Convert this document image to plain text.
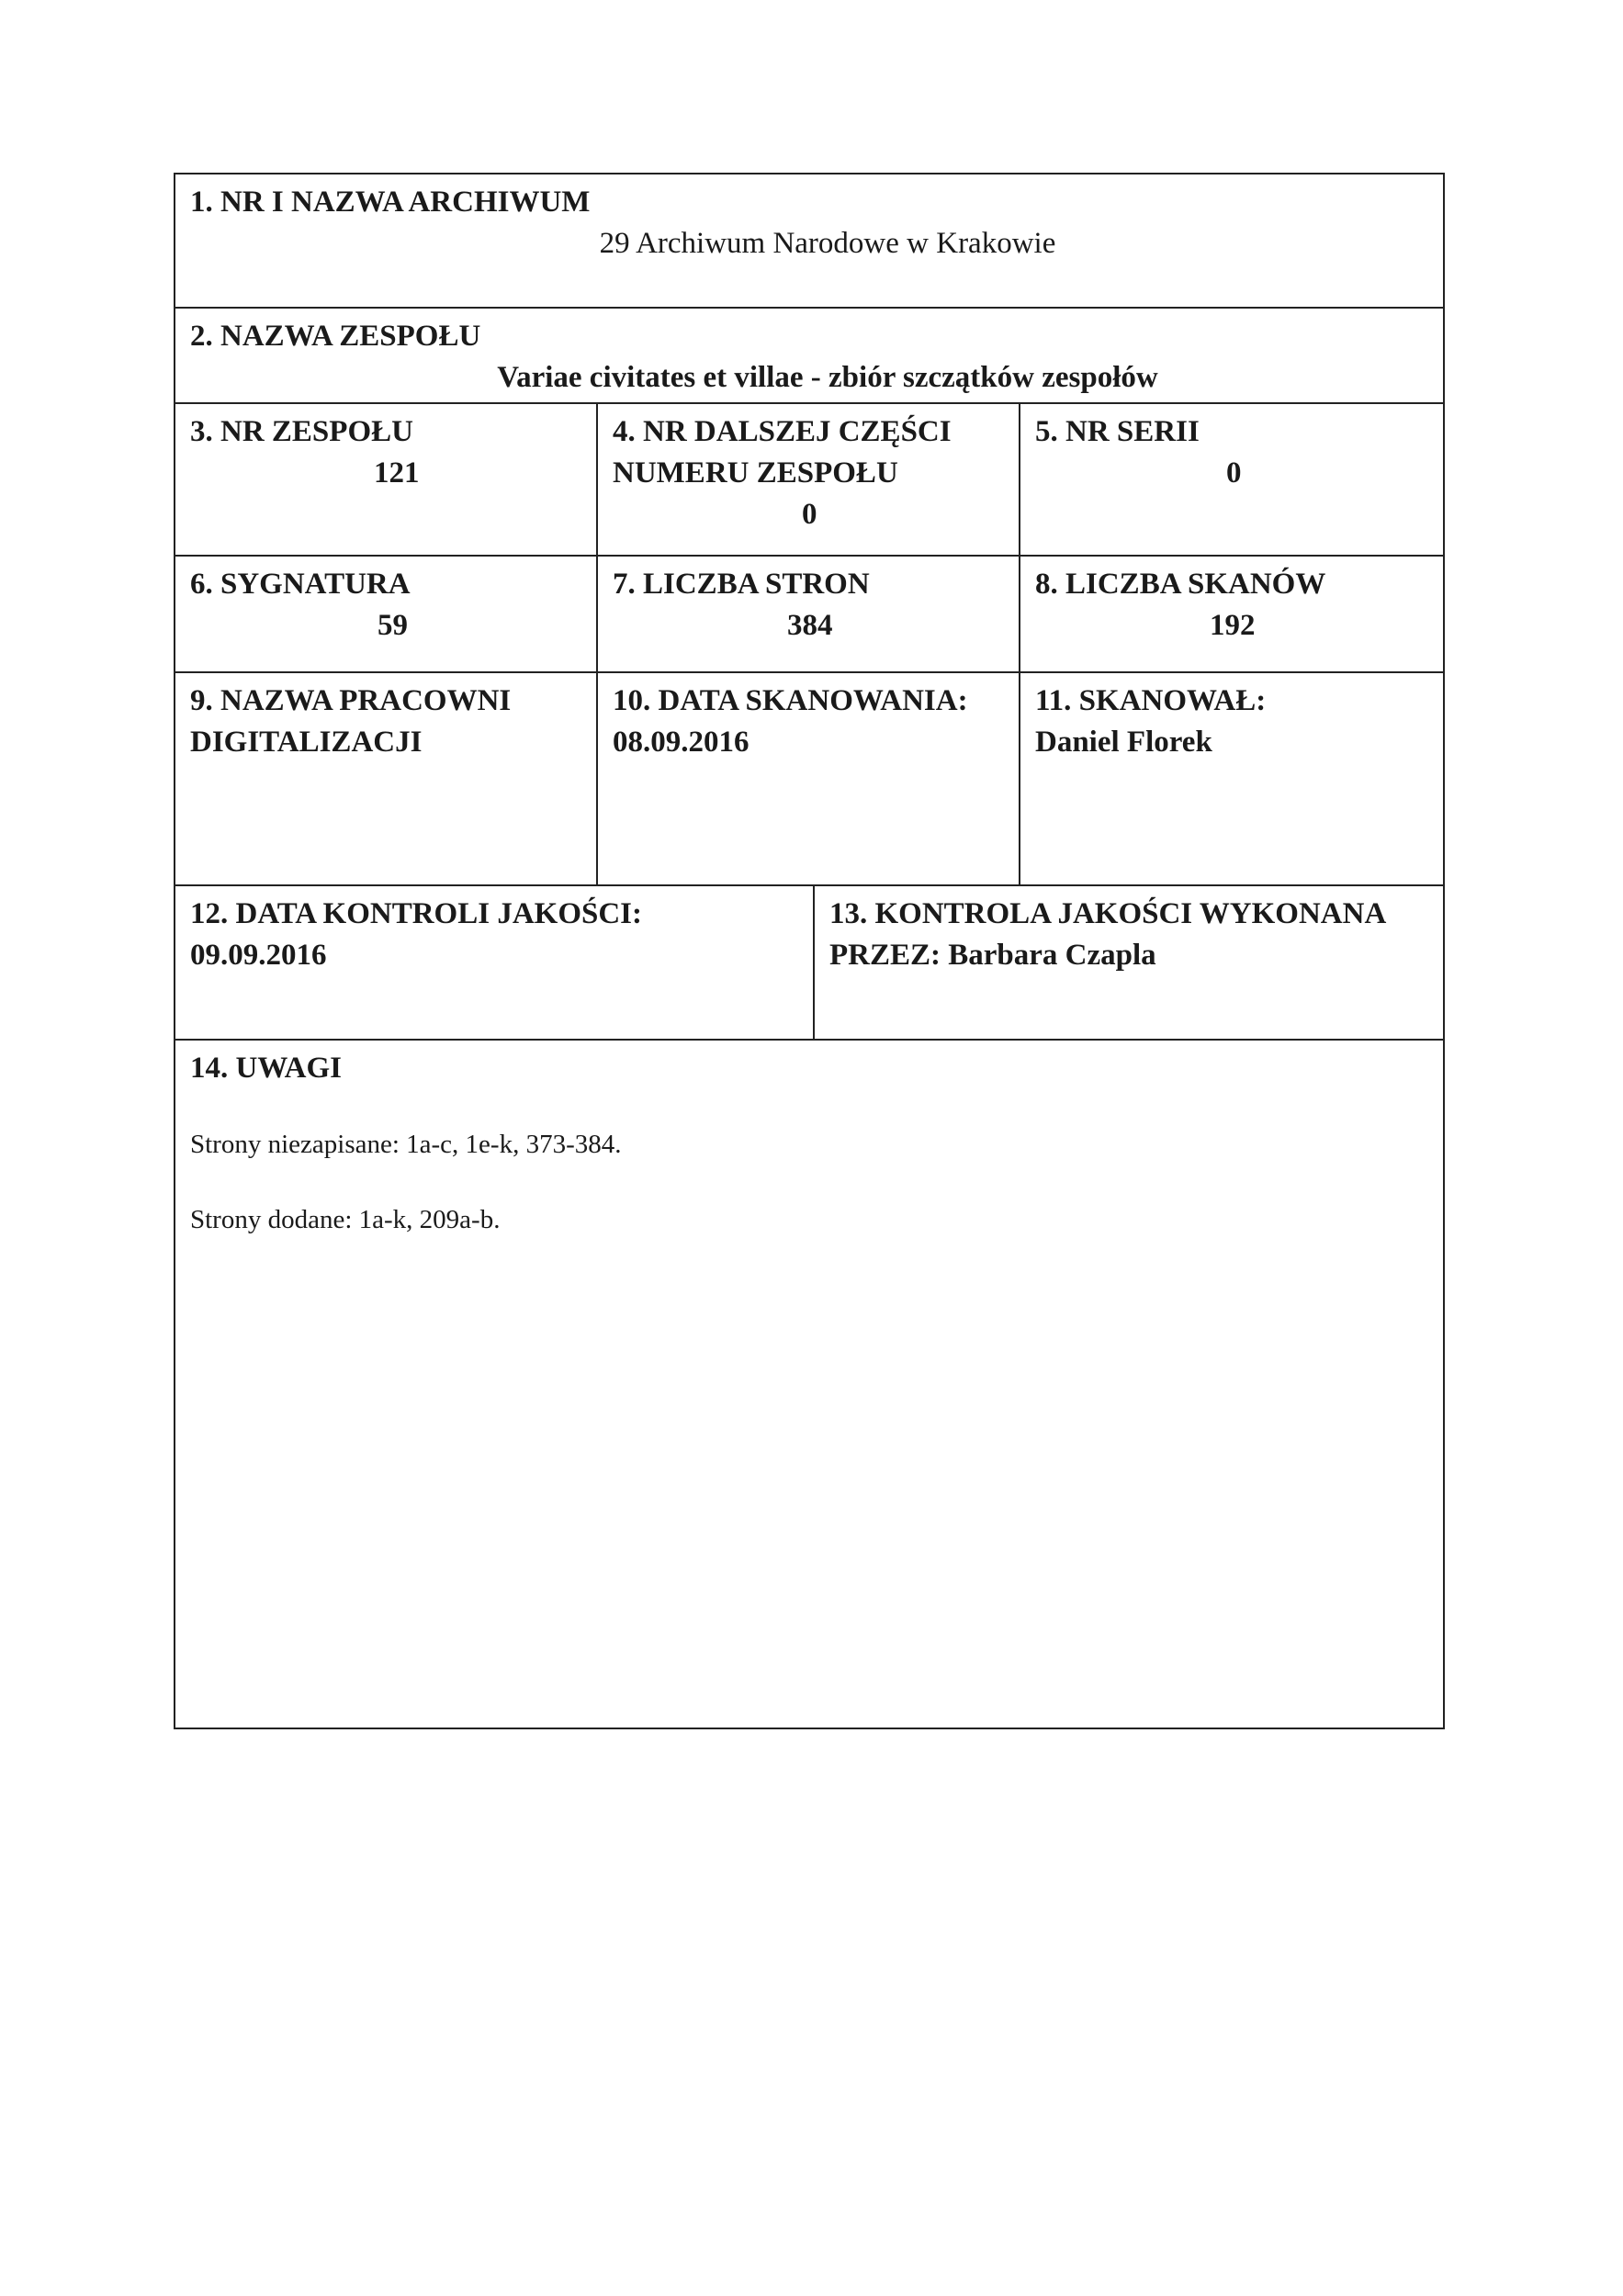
1. NR I NAZWA ARCHIWUM
29 Archiwum Narodowe w Krakowie
2. NAZWA ZESPOŁU
Variae civitates et villae - zbiór szczątków zespołów
3. NR ZESPOŁU
121
4. NR DALSZEJ CZĘŚCI
NUMERU ZESPOŁU
0
5. NR SERII
0
6. SYGNATURA
59
7. LICZBA STRON
384
8. LICZBA SKANÓW
192
9. NAZWA PRACOWNI
DIGITALIZACJI
10. DATA SKANOWANIA:
08.09.2016
11. SKANOWAŁ:
Daniel Florek
12. DATA KONTROLI JAKOŚCI:
09.09.2016
13. KONTROLA JAKOŚCI WYKONANA
PRZEZ: Barbara Czapla
14. UWAGI
Strony niezapisane: 1a-c, 1e-k, 373-384.
Strony dodane: 1a-k, 209a-b.
